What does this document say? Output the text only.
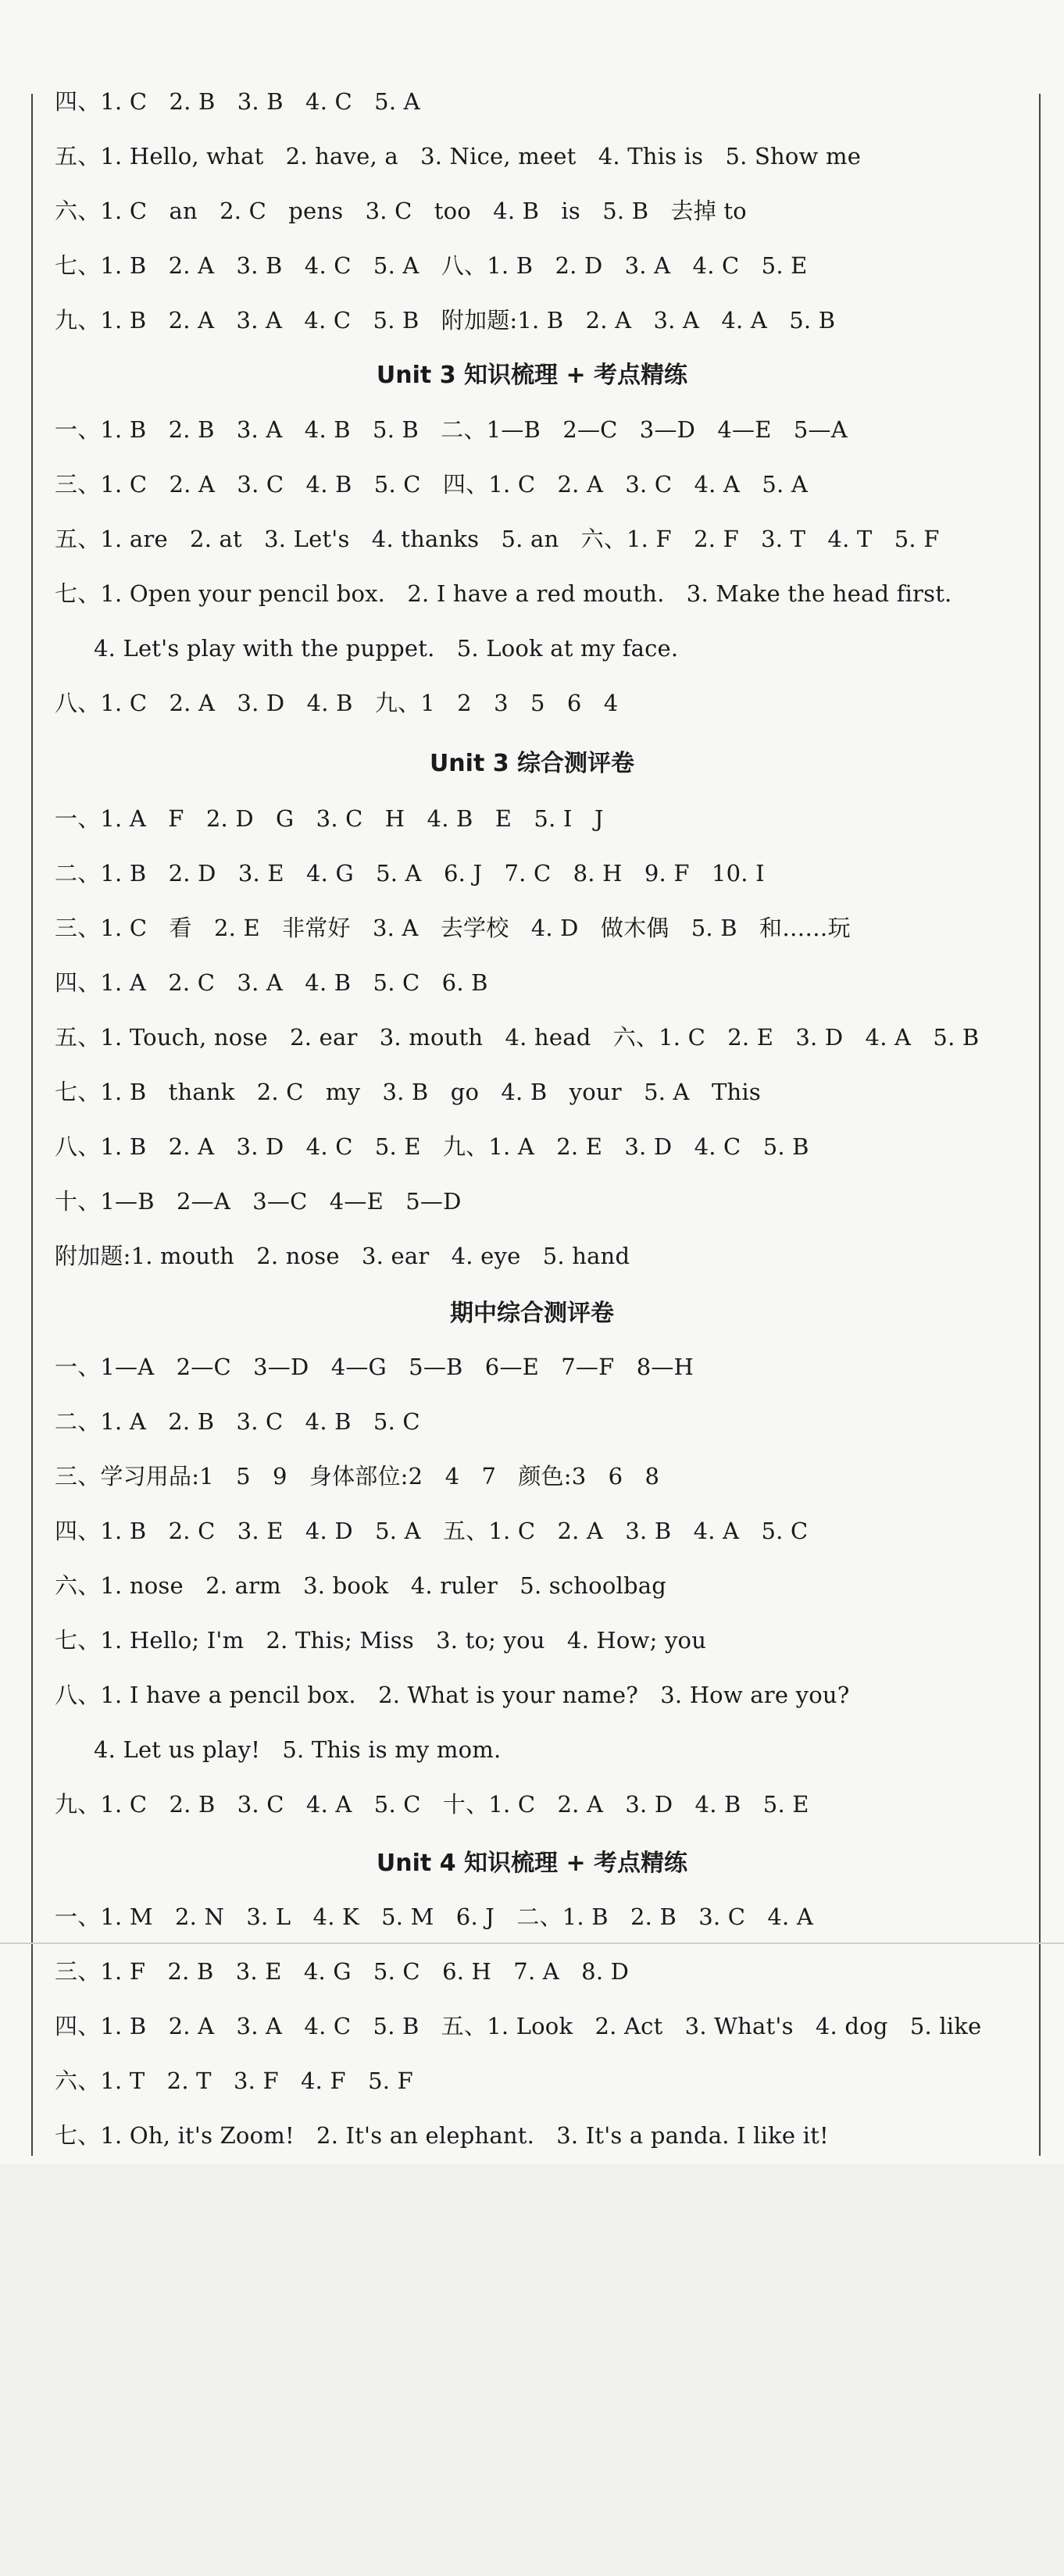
四、1. C   2. B   3. B   4. C   5. A
五、1. Hello, what   2. have, a   3. Nice, meet   4. This is   5. Show me
六、1. C   an   2. C   pens   3. C   too   4. B   is   5. B   去掉 to
七、1. B   2. A   3. B   4. C   5. A   八、1. B   2. D   3. A   4. C   5. E
九、1. B   2. A   3. A   4. C   5. B   附加题:1. B   2. A   3. A   4. A   5. B
Unit 3 知识梳理 + 考点精练
一、1. B   2. B   3. A   4. B   5. B   二、1—B   2—C   3—D   4—E   5—A
三、1. C   2. A   3. C   4. B   5. C   四、1. C   2. A   3. C   4. A   5. A
五、1. are   2. at   3. Let's   4. thanks   5. an   六、1. F   2. F   3. T   4. T   5. F
七、1. Open your pencil box.   2. I have a red mouth.   3. Make the head first.
4. Let's play with the puppet.   5. Look at my face.
八、1. C   2. A   3. D   4. B   九、1   2   3   5   6   4
Unit 3 综合测评卷
一、1. A   F   2. D   G   3. C   H   4. B   E   5. I   J
二、1. B   2. D   3. E   4. G   5. A   6. J   7. C   8. H   9. F   10. I
三、1. C   看   2. E   非常好   3. A   去学校   4. D   做木偶   5. B   和……玩
四、1. A   2. C   3. A   4. B   5. C   6. B
五、1. Touch, nose   2. ear   3. mouth   4. head   六、1. C   2. E   3. D   4. A   5. B
七、1. B   thank   2. C   my   3. B   go   4. B   your   5. A   This
八、1. B   2. A   3. D   4. C   5. E   九、1. A   2. E   3. D   4. C   5. B
十、1—B   2—A   3—C   4—E   5—D
附加题:1. mouth   2. nose   3. ear   4. eye   5. hand
期中综合测评卷
一、1—A   2—C   3—D   4—G   5—B   6—E   7—F   8—H
二、1. A   2. B   3. C   4. B   5. C
三、学习用品:1   5   9   身体部位:2   4   7   颜色:3   6   8
四、1. B   2. C   3. E   4. D   5. A   五、1. C   2. A   3. B   4. A   5. C
六、1. nose   2. arm   3. book   4. ruler   5. schoolbag
七、1. Hello; I'm   2. This; Miss   3. to; you   4. How; you
八、1. I have a pencil box.   2. What is your name?   3. How are you?
4. Let us play!   5. This is my mom.
九、1. C   2. B   3. C   4. A   5. C   十、1. C   2. A   3. D   4. B   5. E
Unit 4 知识梳理 + 考点精练
一、1. M   2. N   3. L   4. K   5. M   6. J   二、1. B   2. B   3. C   4. A
三、1. F   2. B   3. E   4. G   5. C   6. H   7. A   8. D
四、1. B   2. A   3. A   4. C   5. B   五、1. Look   2. Act   3. What's   4. dog   5. like
六、1. T   2. T   3. F   4. F   5. F
七、1. Oh, it's Zoom!   2. It's an elephant.   3. It's a panda. I like it!
